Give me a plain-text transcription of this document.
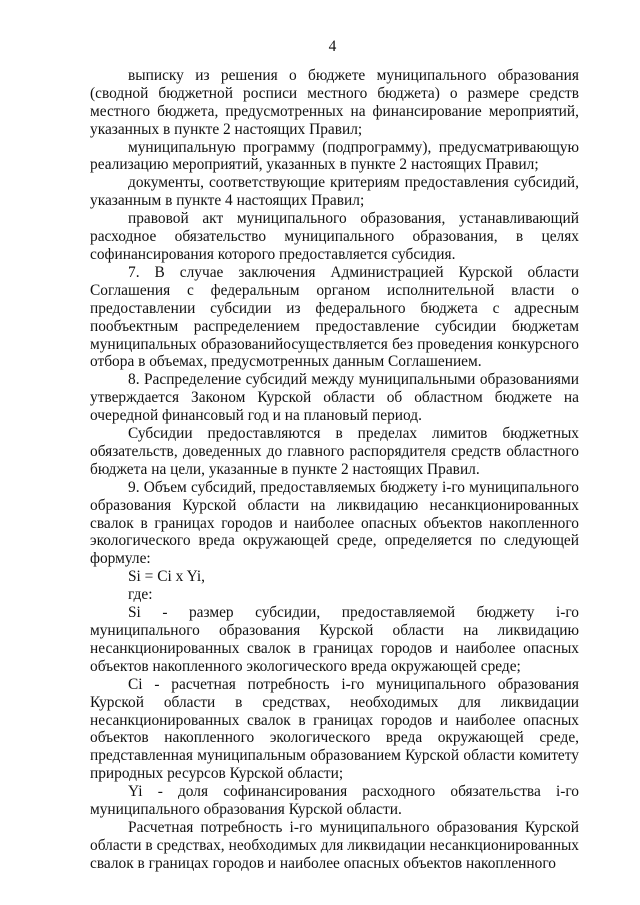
4

выписку из решения о бюджете муниципального образования (сводной бюджетной росписи местного бюджета) о размере средств местного бюджета, предусмотренных на финансирование мероприятий, указанных в пункте 2 настоящих Правил;

муниципальную программу (подпрограмму), предусматривающую реализацию мероприятий, указанных в пункте 2 настоящих Правил;

документы, соответствующие критериям предоставления субсидий, указанным в пункте 4 настоящих Правил;

правовой акт муниципального образования, устанавливающий расходное обязательство муниципального образования, в целях софинансирования которого предоставляется субсидия.

7. В случае заключения Администрацией Курской области Соглашения с федеральным органом исполнительной власти о предоставлении субсидии из федерального бюджета с адресным пообъектным распределением предоставление субсидии бюджетам муниципальных образованийосуществляется без проведения конкурсного отбора в объемах, предусмотренных данным Соглашением.

8. Распределение субсидий между муниципальными образованиями утверждается Законом Курской области об областном бюджете на очередной финансовый год и на плановый период.

Субсидии предоставляются в пределах лимитов бюджетных обязательств, доведенных до главного распорядителя средств областного бюджета на цели, указанные в пункте 2 настоящих Правил.

9. Объем субсидий, предоставляемых бюджету i-го муниципального образования Курской области на ликвидацию несанкционированных свалок в границах городов и наиболее опасных объектов накопленного экологического вреда окружающей среде, определяется по следующей формуле:

Si = Ci x Yi,

где:

Si - размер субсидии, предоставляемой бюджету i-го муниципального образования Курской области на ликвидацию несанкционированных свалок в границах городов и наиболее опасных объектов накопленного экологического вреда окружающей среде;

Ci - расчетная потребность i-го муниципального образования Курской области в средствах, необходимых для ликвидации несанкционированных свалок в границах городов и наиболее опасных объектов накопленного экологического вреда окружающей среде, представленная муниципальным образованием Курской области комитету природных ресурсов Курской области;

Yi - доля софинансирования расходного обязательства i-го муниципального образования Курской области.

Расчетная потребность i-го муниципального образования Курской области в средствах, необходимых для ликвидации несанкционированных свалок в границах городов и наиболее опасных объектов накопленного
